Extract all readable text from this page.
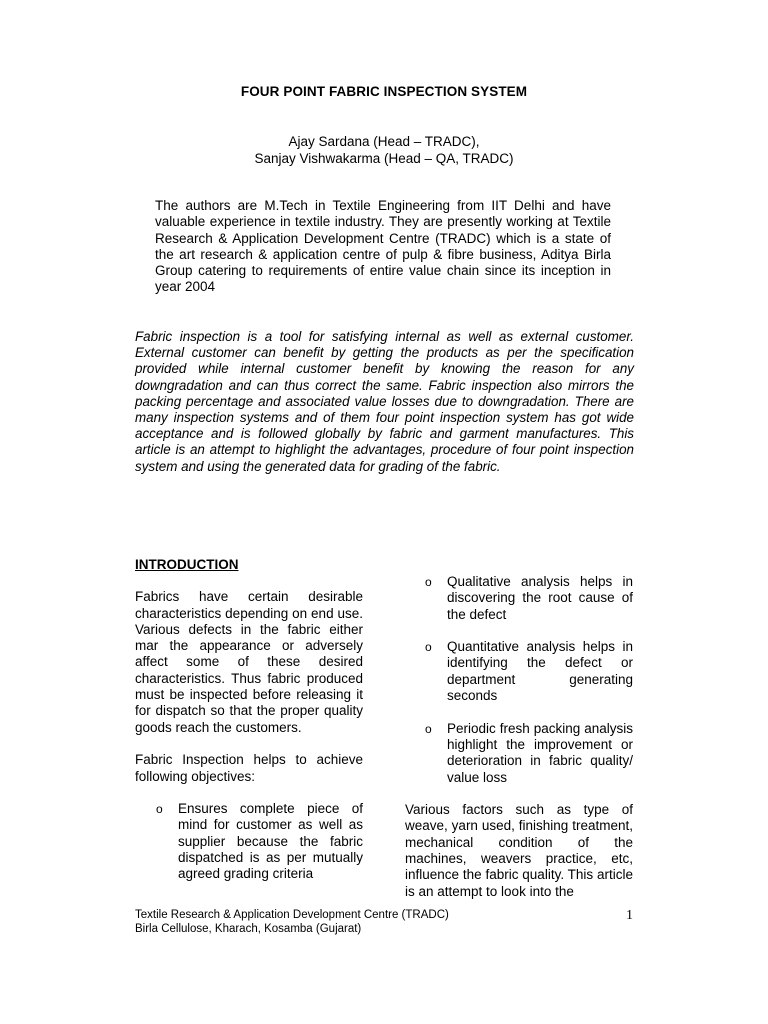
FOUR POINT FABRIC INSPECTION SYSTEM
Ajay Sardana (Head – TRADC),
Sanjay Vishwakarma (Head – QA, TRADC)
The authors are M.Tech in Textile Engineering from IIT Delhi and have valuable experience in textile industry. They are presently working at Textile Research & Application Development Centre (TRADC) which is a state of the art research & application centre of pulp & fibre business, Aditya Birla Group catering to requirements of entire value chain since its inception in year 2004
Fabric inspection is a tool for satisfying internal as well as external customer. External customer can benefit by getting the products as per the specification provided while internal customer benefit by knowing the reason for any downgradation and can thus correct the same. Fabric inspection also mirrors the packing percentage and associated value losses due to downgradation. There are many inspection systems and of them four point inspection system has got wide acceptance and is followed globally by fabric and garment manufactures. This article is an attempt to highlight the advantages, procedure of four point inspection system and using the generated data for grading of the fabric.
INTRODUCTION

Fabrics have certain desirable characteristics depending on end use. Various defects in the fabric either mar the appearance or adversely affect some of these desired characteristics. Thus fabric produced must be inspected before releasing it for dispatch so that the proper quality goods reach the customers.

Fabric Inspection helps to achieve following objectives:

o	Ensures complete piece of mind for customer as well as supplier because the fabric dispatched is as per mutually agreed grading criteria
o	Qualitative analysis helps in discovering the root cause of the defect
o	Quantitative analysis helps in identifying the defect or department generating seconds
o	Periodic fresh packing analysis highlight the improvement or deterioration in fabric quality/ value loss

Various factors such as type of weave, yarn used, finishing treatment, mechanical condition of the machines, weavers practice, etc, influence the fabric quality. This article is an attempt to look into the

Textile Research & Application Development Centre (TRADC)
Birla Cellulose, Kharach, Kosamba (Gujarat)
1
